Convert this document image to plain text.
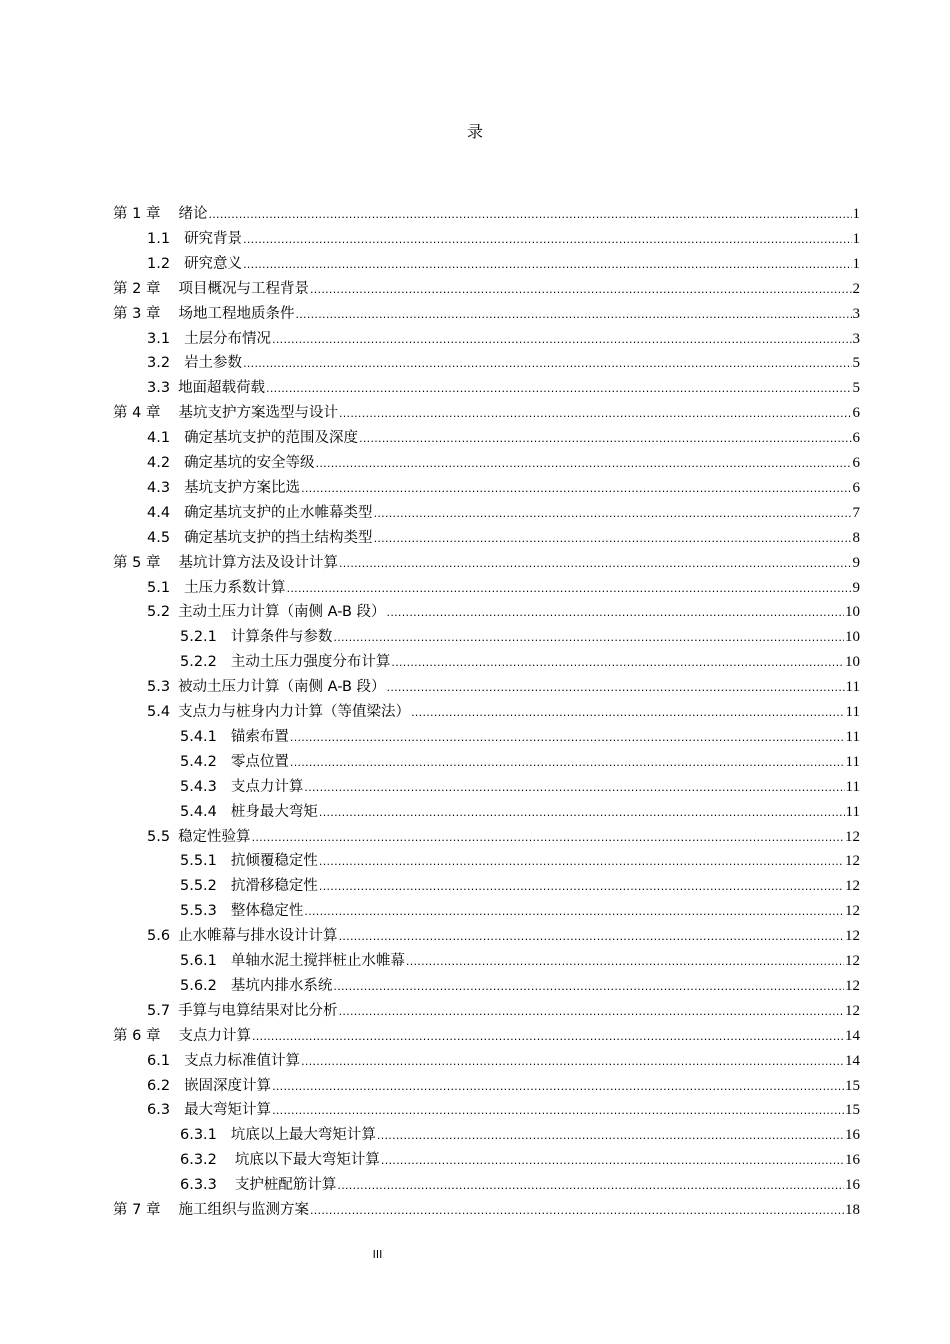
录
第 1 章 绪论 .....	1
1.1 研究背景 .....	1
1.2 研究意义 .....	1
第 2 章 项目概况与工程背景 .....	2
第 3 章 场地工程地质条件 .....	3
3.1 土层分布情况 .....	3
3.2 岩土参数 .....	5
3.3 地面超载荷载 .....	5
第 4 章 基坑支护方案选型与设计 .....	6
4.1 确定基坑支护的范围及深度 .....	6
4.2 确定基坑的安全等级 .....	6
4.3 基坑支护方案比选 .....	6
4.4 确定基坑支护的止水帷幕类型 .....	7
4.5 确定基坑支护的挡土结构类型 .....	8
第 5 章 基坑计算方法及设计计算 .....	9
5.1 土压力系数计算 .....	9
5.2 主动土压力计算（南侧 A-B 段） .....	10
5.2.1 计算条件与参数 .....	10
5.2.2 主动土压力强度分布计算 .....	10
5.3 被动土压力计算（南侧 A-B 段） .....	11
5.4 支点力与桩身内力计算（等值梁法） .....	11
5.4.1 锚索布置 .....	11
5.4.2 零点位置 .....	11
5.4.3 支点力计算 .....	11
5.4.4 桩身最大弯矩 .....	11
5.5 稳定性验算 .....	12
5.5.1 抗倾覆稳定性 .....	12
5.5.2 抗滑移稳定性 .....	12
5.5.3 整体稳定性 .....	12
5.6 止水帷幕与排水设计计算 .....	12
5.6.1 单轴水泥土搅拌桩止水帷幕 .....	12
5.6.2 基坑内排水系统 .....	12
5.7 手算与电算结果对比分析 .....	12
第 6 章 支点力计算 .....	14
6.1 支点力标准值计算 .....	14
6.2 嵌固深度计算 .....	15
6.3 最大弯矩计算 .....	15
6.3.1 坑底以上最大弯矩计算 .....	16
6.3.2 坑底以下最大弯矩计算 .....	16
6.3.3 支护桩配筋计算 .....	16
第 7 章 施工组织与监测方案 .....	18
III
